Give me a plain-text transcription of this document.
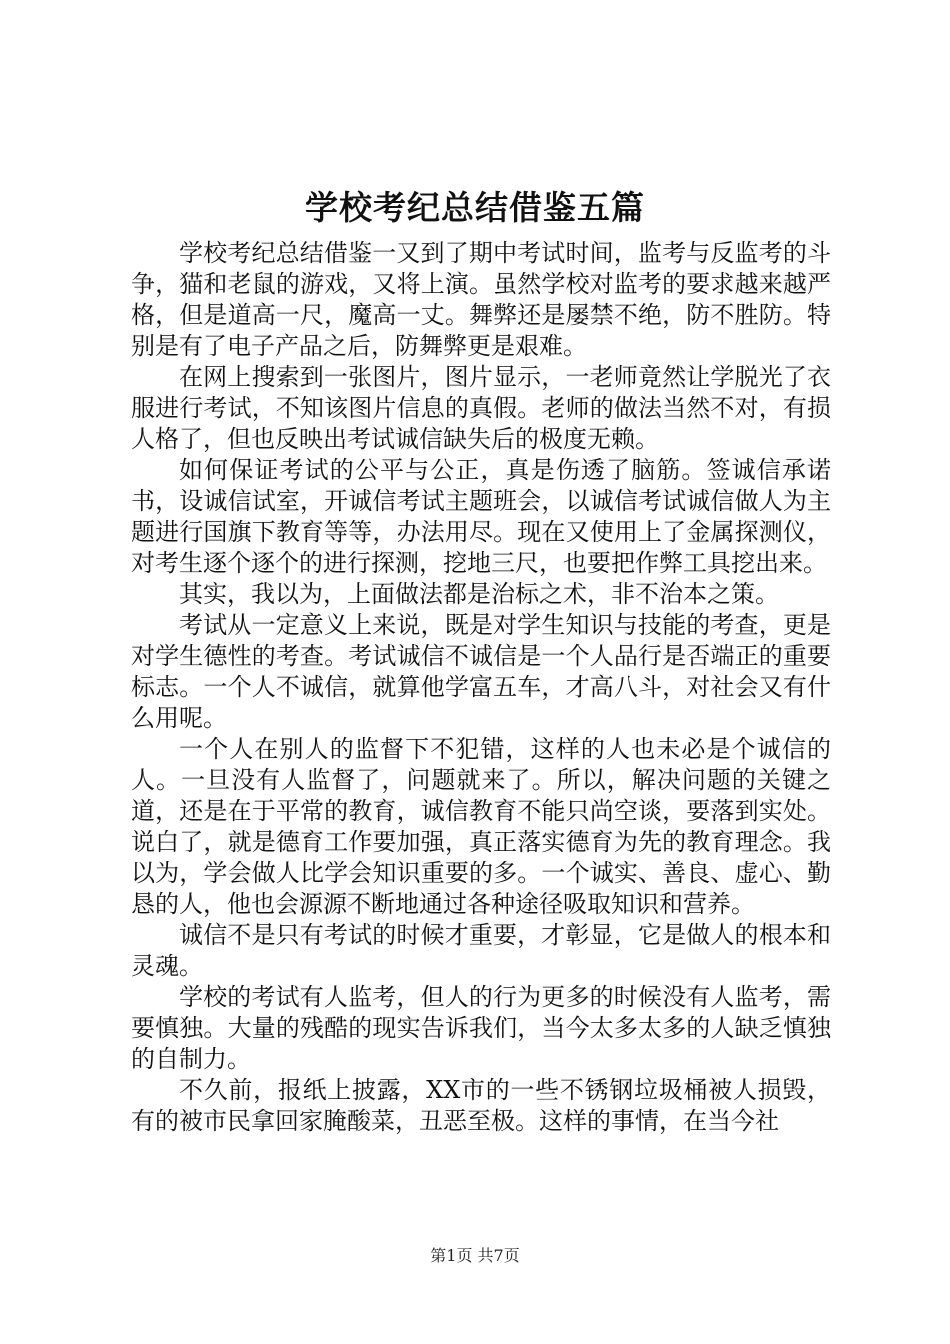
学校考纪总结借鉴五篇

学校考纪总结借鉴一又到了期中考试时间，监考与反监考的斗争，猫和老鼠的游戏，又将上演。虽然学校对监考的要求越来越严格，但是道高一尺，魔高一丈。舞弊还是屡禁不绝，防不胜防。特别是有了电子产品之后，防舞弊更是艰难。

在网上搜索到一张图片，图片显示，一老师竟然让学脱光了衣服进行考试，不知该图片信息的真假。老师的做法当然不对，有损人格了，但也反映出考试诚信缺失后的极度无赖。

如何保证考试的公平与公正，真是伤透了脑筋。签诚信承诺书，设诚信试室，开诚信考试主题班会，以诚信考试诚信做人为主题进行国旗下教育等等，办法用尽。现在又使用上了金属探测仪，对考生逐个逐个的进行探测，挖地三尺，也要把作弊工具挖出来。

其实，我以为，上面做法都是治标之术，非不治本之策。

考试从一定意义上来说，既是对学生知识与技能的考查，更是对学生德性的考查。考试诚信不诚信是一个人品行是否端正的重要标志。一个人不诚信，就算他学富五车，才高八斗，对社会又有什么用呢。

一个人在别人的监督下不犯错，这样的人也未必是个诚信的人。一旦没有人监督了，问题就来了。所以，解决问题的关键之道，还是在于平常的教育，诚信教育不能只尚空谈，要落到实处。说白了，就是德育工作要加强，真正落实德育为先的教育理念。我以为，学会做人比学会知识重要的多。一个诚实、善良、虚心、勤恳的人，他也会源源不断地通过各种途径吸取知识和营养。

诚信不是只有考试的时候才重要，才彰显，它是做人的根本和灵魂。

学校的考试有人监考，但人的行为更多的时候没有人监考，需要慎独。大量的残酷的现实告诉我们，当今太多太多的人缺乏慎独的自制力。

不久前，报纸上披露，XX市的一些不锈钢垃圾桶被人损毁，有的被市民拿回家腌酸菜，丑恶至极。这样的事情，在当今社

第1页 共7页
